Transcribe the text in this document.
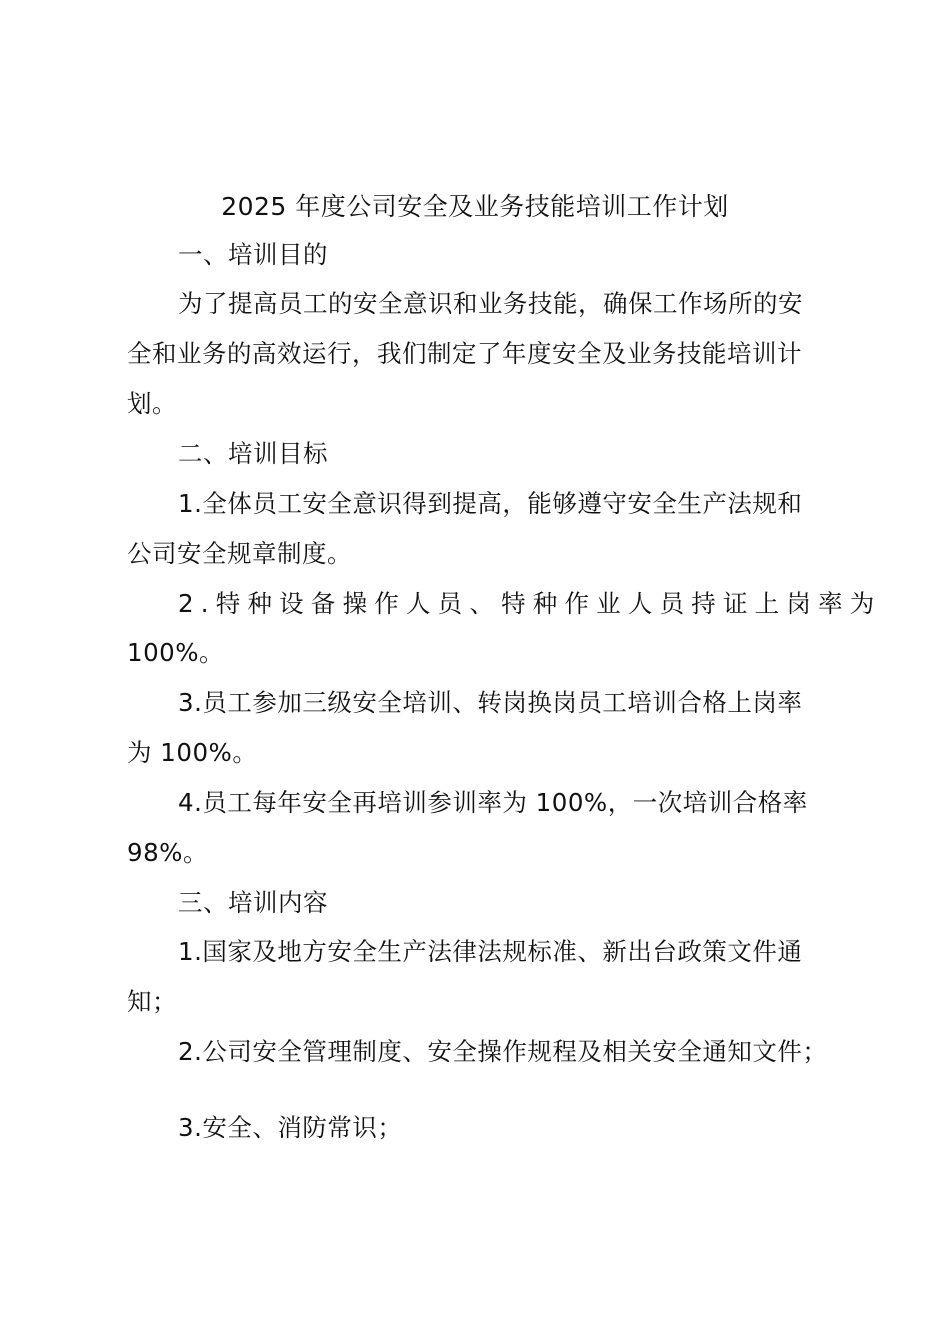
2025 年度公司安全及业务技能培训工作计划
一、培训目的
为了提高员工的安全意识和业务技能，确保工作场所的安
全和业务的高效运行，我们制定了年度安全及业务技能培训计
划。
二、培训目标
1.全体员工安全意识得到提高，能够遵守安全生产法规和
公司安全规章制度。
2.特种设备操作人员、特种作业人员持证上岗率为
100%。
3.员工参加三级安全培训、转岗换岗员工培训合格上岗率
为 100%。
4.员工每年安全再培训参训率为 100%，一次培训合格率
98%。
三、培训内容
1.国家及地方安全生产法律法规标准、新出台政策文件通
知；
2.公司安全管理制度、安全操作规程及相关安全通知文件；
3.安全、消防常识；
